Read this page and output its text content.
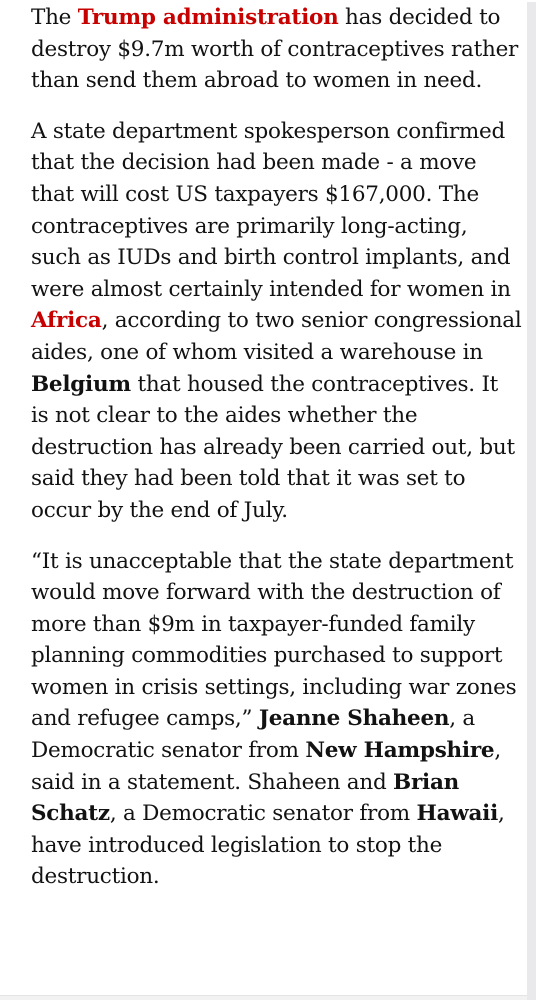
The Trump administration has decided to destroy $9.7m worth of contraceptives rather than send them abroad to women in need.

A state department spokesperson confirmed that the decision had been made - a move that will cost US taxpayers $167,000. The contraceptives are primarily long-acting, such as IUDs and birth control implants, and were almost certainly intended for women in Africa, according to two senior congressional aides, one of whom visited a warehouse in Belgium that housed the contraceptives. It is not clear to the aides whether the destruction has already been carried out, but said they had been told that it was set to occur by the end of July.

“It is unacceptable that the state department would move forward with the destruction of more than $9m in taxpayer-funded family planning commodities purchased to support women in crisis settings, including war zones and refugee camps,” Jeanne Shaheen, a Democratic senator from New Hampshire, said in a statement. Shaheen and Brian Schatz, a Democratic senator from Hawaii, have introduced legislation to stop the destruction.
